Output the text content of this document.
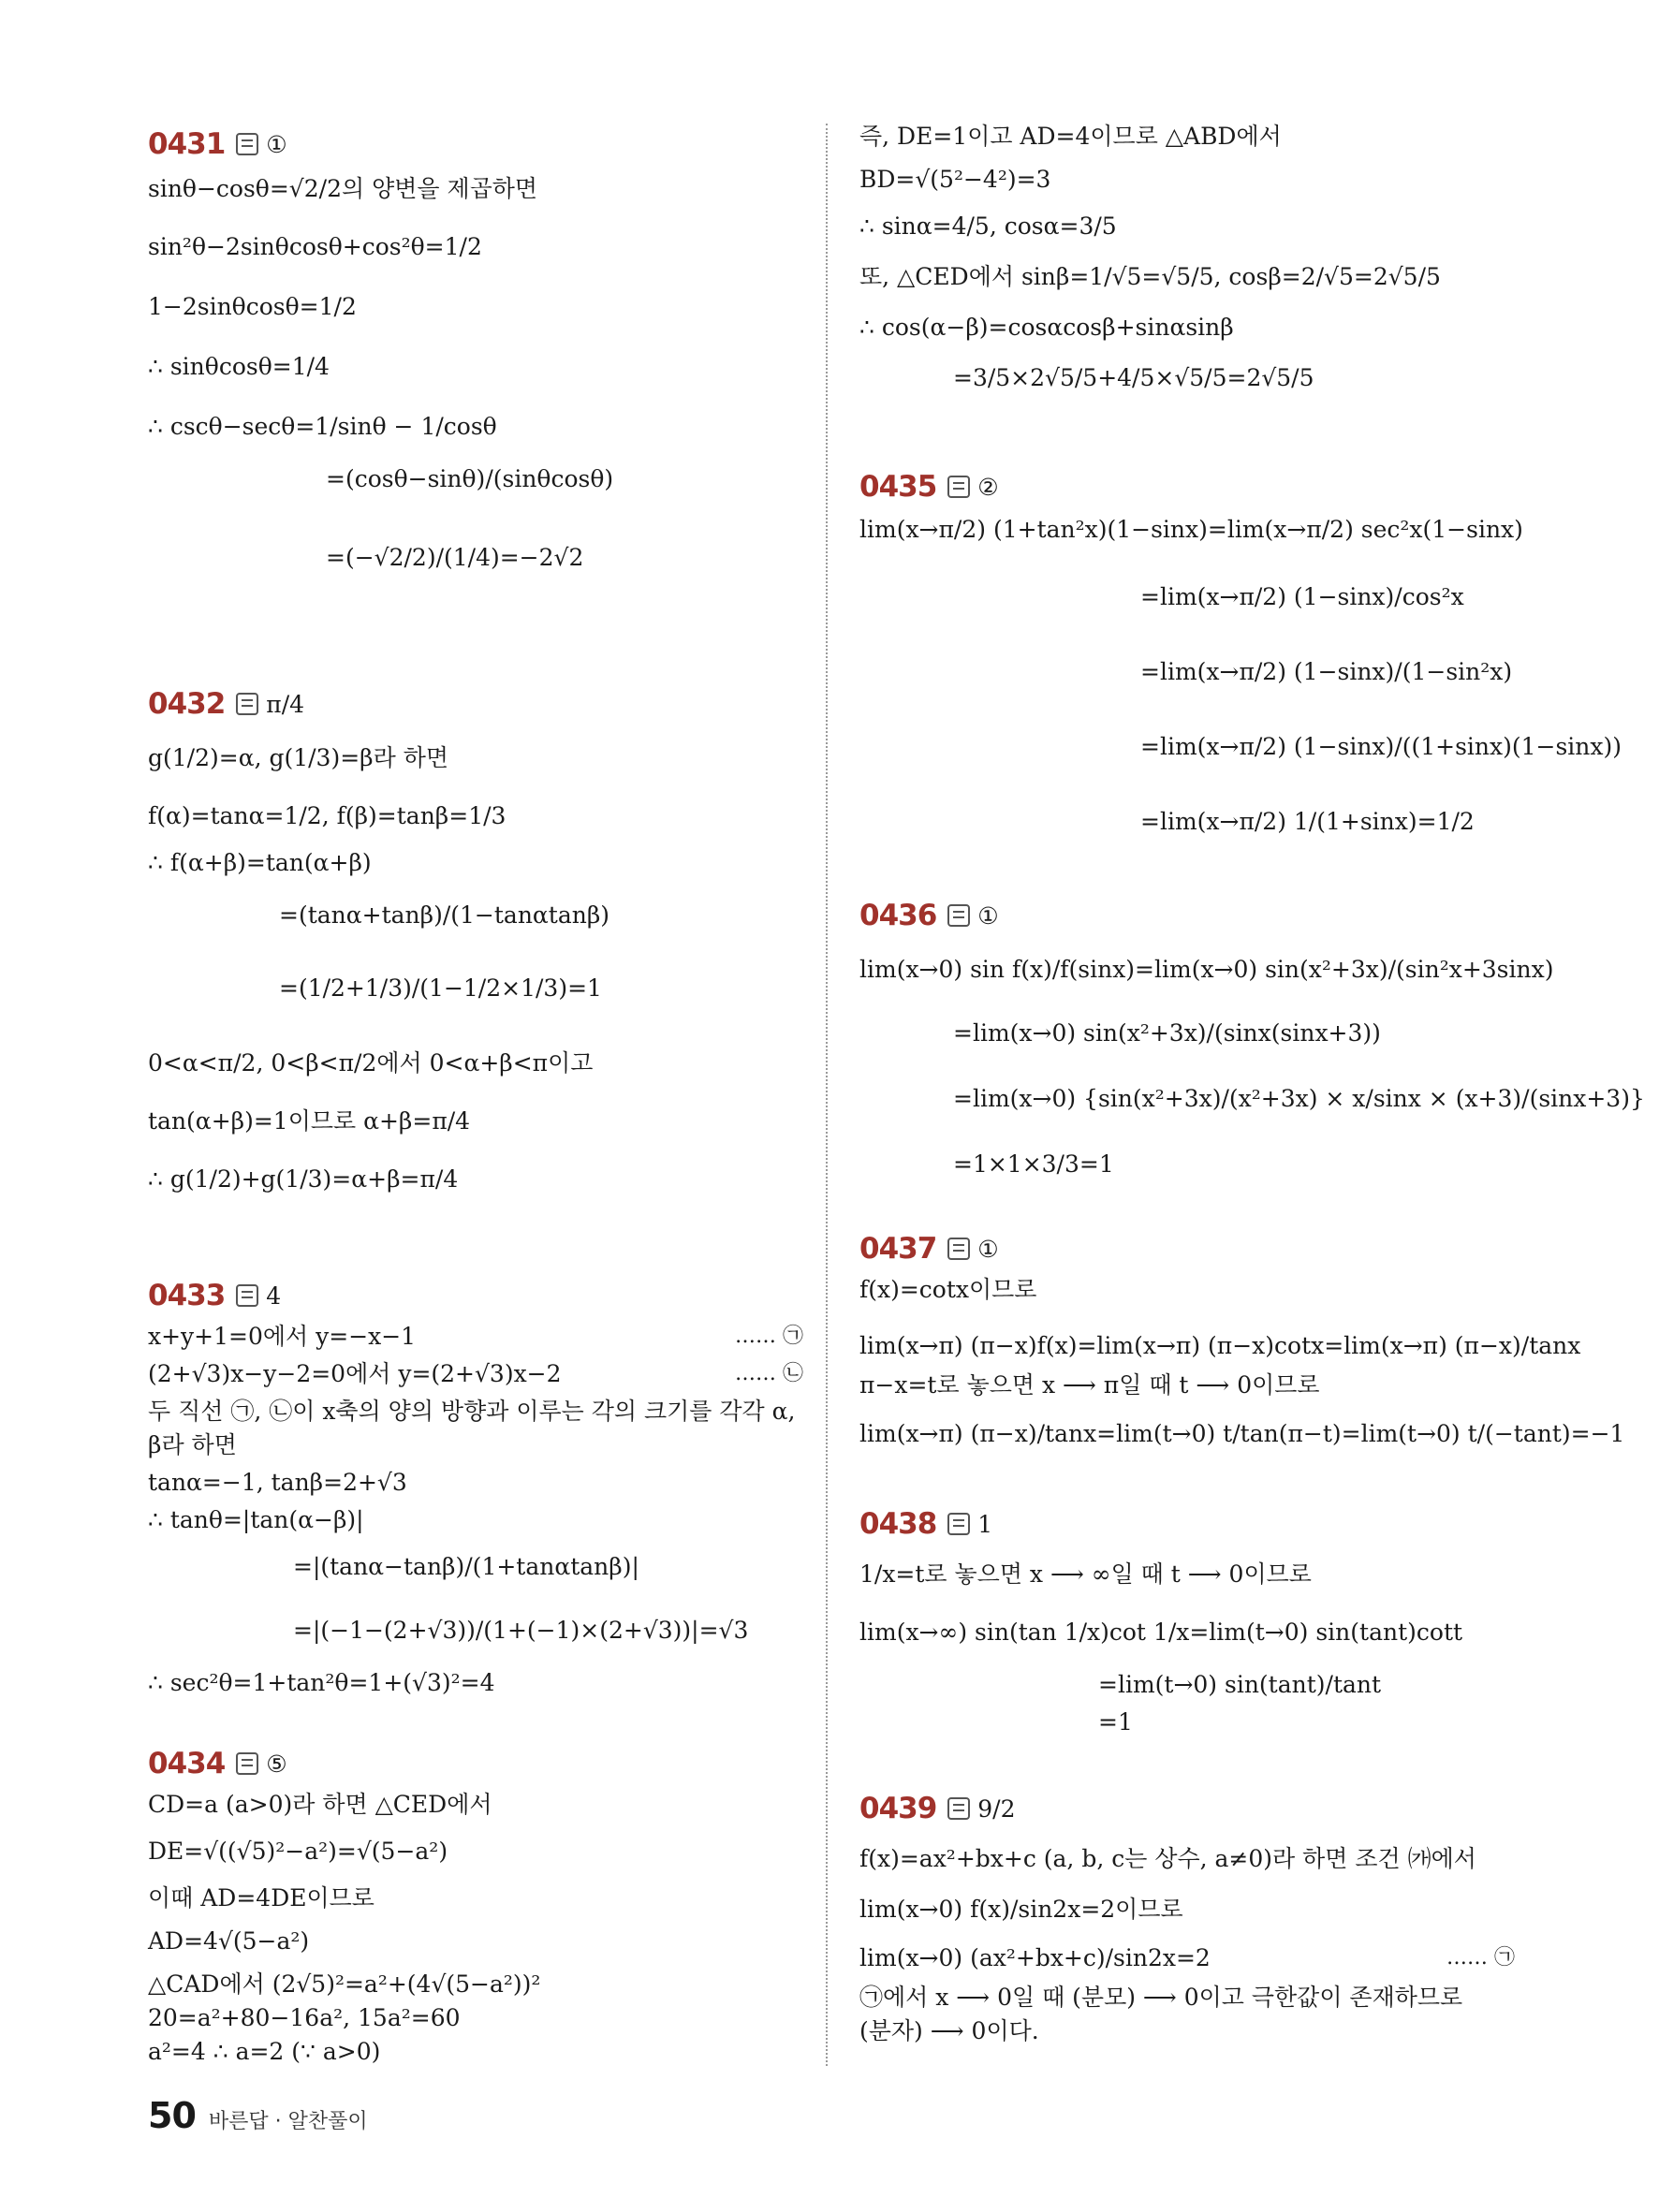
0431 ①
sinθ−cosθ=√2/2의 양변을 제곱하면
sin²θ−2sinθcosθ+cos²θ=1/2
1−2sinθcosθ=1/2
∴ sinθcosθ=1/4
∴ cscθ−secθ=1/sinθ − 1/cosθ
=(cosθ−sinθ)/(sinθcosθ)
=(−√2/2)/(1/4)=−2√2
0432 π/4
g(1/2)=α, g(1/3)=β라 하면
f(α)=tanα=1/2, f(β)=tanβ=1/3
∴ f(α+β)=tan(α+β)
=(tanα+tanβ)/(1−tanαtanβ)
=(1/2+1/3)/(1−1/2×1/3)=1
0<α<π/2, 0<β<π/2에서 0<α+β<π이고
tan(α+β)=1이므로 α+β=π/4
∴ g(1/2)+g(1/3)=α+β=π/4
0433 4
x+y+1=0에서 y=−x−1	…… ㉠
(2+√3)x−y−2=0에서 y=(2+√3)x−2	…… ㉡
두 직선 ㉠, ㉡이 x축의 양의 방향과 이루는 각의 크기를 각각 α,
β라 하면
tanα=−1, tanβ=2+√3
∴ tanθ=|tan(α−β)|
=|(tanα−tanβ)/(1+tanαtanβ)|
=|(−1−(2+√3))/(1+(−1)×(2+√3))|=√3
∴ sec²θ=1+tan²θ=1+(√3)²=4
0434 ⑤
CD=a (a>0)라 하면 △CED에서
DE=√((√5)²−a²)=√(5−a²)
이때 AD=4DE이므로
AD=4√(5−a²)
△CAD에서 (2√5)²=a²+(4√(5−a²))²
20=a²+80−16a², 15a²=60
a²=4 ∴ a=2 (∵ a>0)
즉, DE=1이고 AD=4이므로 △ABD에서
BD=√(5²−4²)=3
∴ sinα=4/5, cosα=3/5
또, △CED에서 sinβ=1/√5=√5/5, cosβ=2/√5=2√5/5
∴ cos(α−β)=cosαcosβ+sinαsinβ
=3/5×2√5/5+4/5×√5/5=2√5/5
0435 ②
lim(x→π/2) (1+tan²x)(1−sinx)=lim(x→π/2) sec²x(1−sinx)
=lim(x→π/2) (1−sinx)/cos²x
=lim(x→π/2) (1−sinx)/(1−sin²x)
=lim(x→π/2) (1−sinx)/((1+sinx)(1−sinx))
=lim(x→π/2) 1/(1+sinx)=1/2
0436 ①
lim(x→0) sin f(x)/f(sinx)=lim(x→0) sin(x²+3x)/(sin²x+3sinx)
=lim(x→0) sin(x²+3x)/(sinx(sinx+3))
=lim(x→0) {sin(x²+3x)/(x²+3x) × x/sinx × (x+3)/(sinx+3)}
=1×1×3/3=1
0437 ①
f(x)=cotx이므로
lim(x→π) (π−x)f(x)=lim(x→π) (π−x)cotx=lim(x→π) (π−x)/tanx
π−x=t로 놓으면 x ⟶ π일 때 t ⟶ 0이므로
lim(x→π) (π−x)/tanx=lim(t→0) t/tan(π−t)=lim(t→0) t/(−tant)=−1
0438 1
1/x=t로 놓으면 x ⟶ ∞일 때 t ⟶ 0이므로
lim(x→∞) sin(tan 1/x)cot 1/x=lim(t→0) sin(tant)cott
=lim(t→0) sin(tant)/tant
=1
0439 9/2
f(x)=ax²+bx+c (a, b, c는 상수, a≠0)라 하면 조건 ㈎에서
lim(x→0) f(x)/sin2x=2이므로
lim(x→0) (ax²+bx+c)/sin2x=2	…… ㉠
㉠에서 x ⟶ 0일 때 (분모) ⟶ 0이고 극한값이 존재하므로
(분자) ⟶ 0이다.
50 바른답 · 알찬풀이
